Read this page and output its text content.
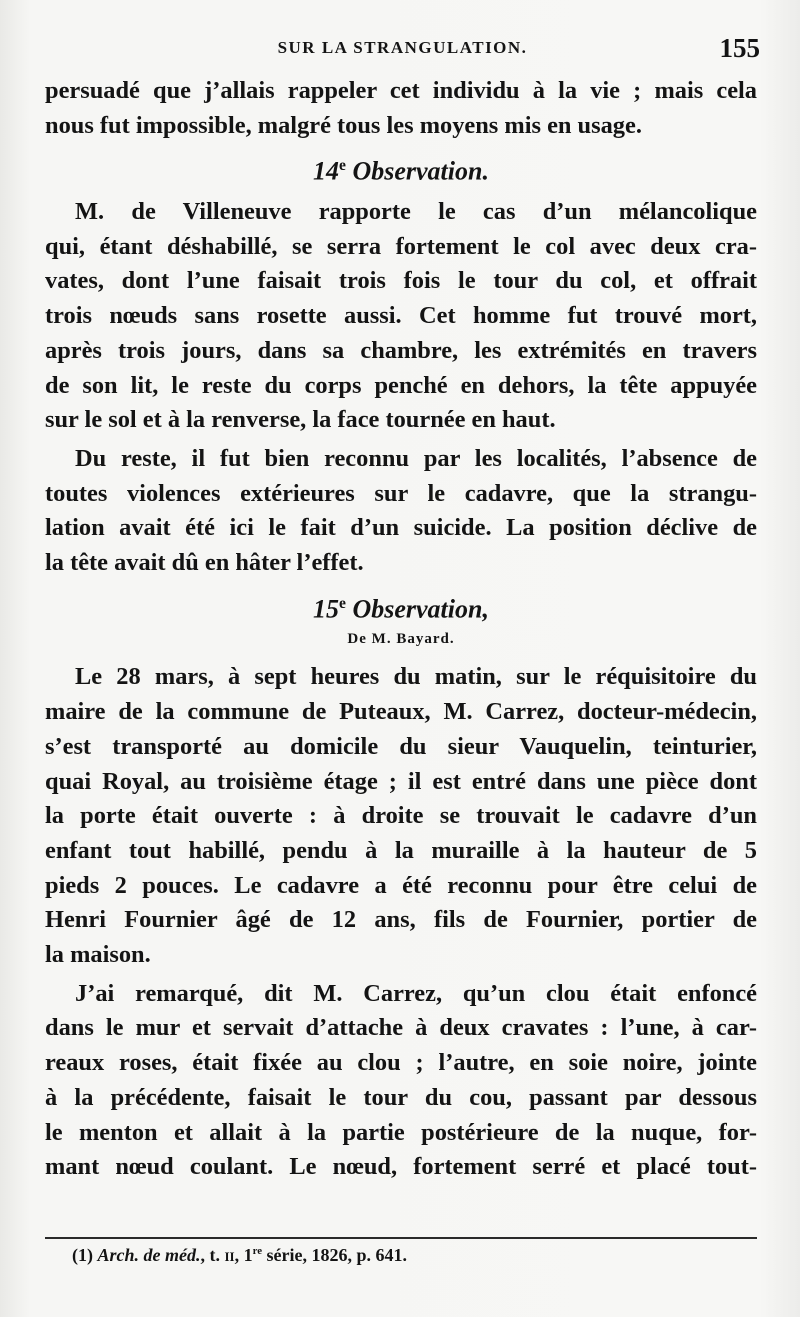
SUR LA STRANGULATION.	155
persuadé que j’allais rappeler cet individu à la vie ; mais cela
nous fut impossible, malgré tous les moyens mis en usage.
14e Observation.
M. de Villeneuve rapporte le cas d’un mélancolique
qui, étant déshabillé, se serra fortement le col avec deux cra-
vates, dont l’une faisait trois fois le tour du col, et offrait
trois nœuds sans rosette aussi. Cet homme fut trouvé mort,
après trois jours, dans sa chambre, les extrémités en travers
de son lit, le reste du corps penché en dehors, la tête appuyée
sur le sol et à la renverse, la face tournée en haut.
Du reste, il fut bien reconnu par les localités, l’absence de
toutes violences extérieures sur le cadavre, que la strangu-
lation avait été ici le fait d’un suicide. La position déclive de
la tête avait dû en hâter l’effet.
15e Observation,
De M. Bayard.
Le 28 mars, à sept heures du matin, sur le réquisitoire du
maire de la commune de Puteaux, M. Carrez, docteur-médecin,
s’est transporté au domicile du sieur Vauquelin, teinturier,
quai Royal, au troisième étage ; il est entré dans une pièce dont
la porte était ouverte : à droite se trouvait le cadavre d’un
enfant tout habillé, pendu à la muraille à la hauteur de 5
pieds 2 pouces. Le cadavre a été reconnu pour être celui de
Henri Fournier âgé de 12 ans, fils de Fournier, portier de
la maison.
J’ai remarqué, dit M. Carrez, qu’un clou était enfoncé
dans le mur et servait d’attache à deux cravates : l’une, à car-
reaux roses, était fixée au clou ; l’autre, en soie noire, jointe
à la précédente, faisait le tour du cou, passant par dessous
le menton et allait à la partie postérieure de la nuque, for-
mant nœud coulant. Le nœud, fortement serré et placé tout-
(1) Arch. de méd., t. ii, 1re série, 1826, p. 641.
